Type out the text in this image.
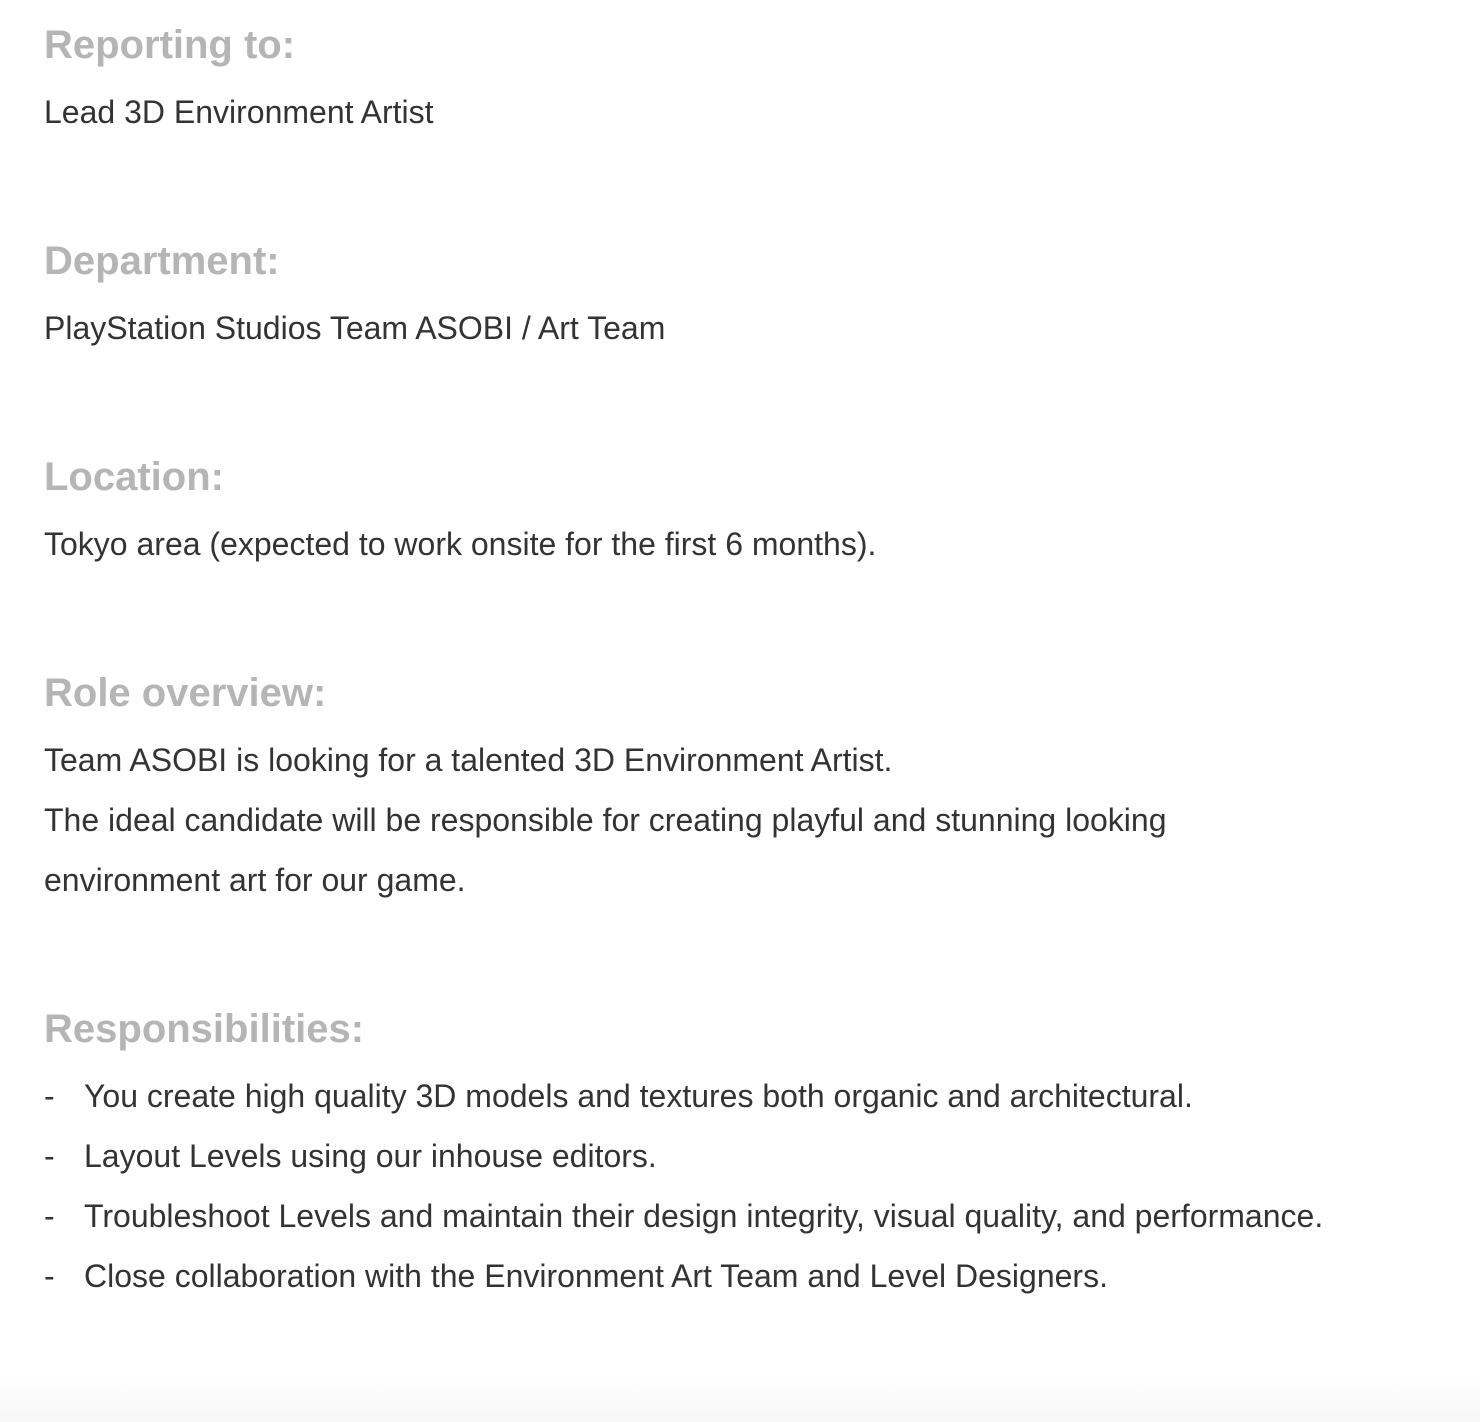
Reporting to:

Lead 3D Environment Artist

Department:

PlayStation Studios Team ASOBI / Art Team

Location:

Tokyo area (expected to work onsite for the first 6 months).

Role overview:

Team ASOBI is looking for a talented 3D Environment Artist.

The ideal candidate will be responsible for creating playful and stunning looking

environment art for our game.

Responsibilities:
- You create high quality 3D models and textures both organic and architectural.
- Layout Levels using our inhouse editors.
- Troubleshoot Levels and maintain their design integrity, visual quality, and performance.
- Close collaboration with the Environment Art Team and Level Designers.
